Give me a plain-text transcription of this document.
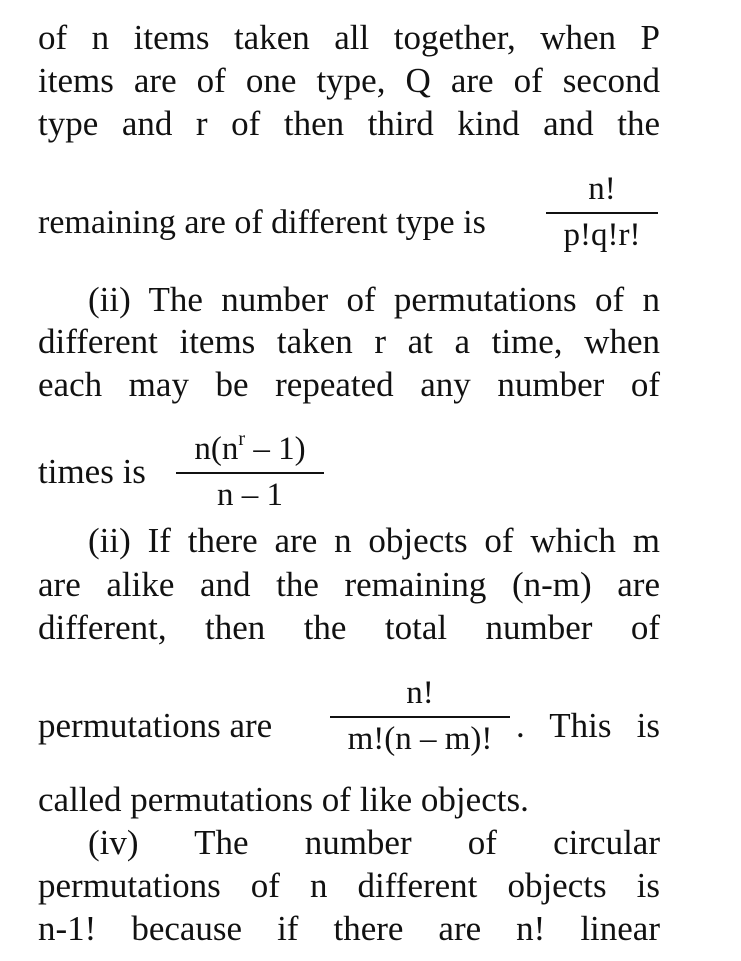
of n items taken all together, when P
items are of one type, Q are of second
type and r of then third kind and the
remaining are of different type is
n!
p!q!r!
(ii) The number of permutations of n
different items taken r at a time, when
each may be repeated any number of
times is
$n(n^r - 1)$
n – 1
(ii) If there are n objects of which m
are alike and the remaining (n-m) are
different, then the total number of
permutations are
n!
m!(n – m)! . This is
called permutations of like objects.
(iv) The number of circular
permutations of n different objects is
n-1! because if there are n! linear
